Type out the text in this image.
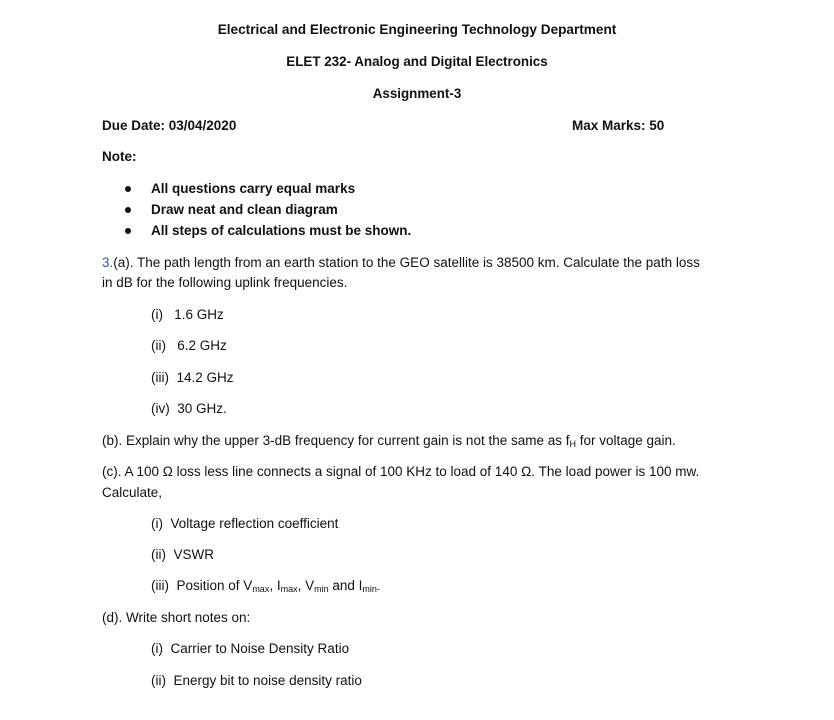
Electrical and Electronic Engineering Technology Department
ELET 232- Analog and Digital Electronics
Assignment-3
Due Date: 03/04/2020	Max Marks: 50
Note:
All questions carry equal marks
Draw neat and clean diagram
All steps of calculations must be shown.
3.(a). The path length from an earth station to the GEO satellite is 38500 km. Calculate the path loss
in dB for the following uplink frequencies.
(i) 1.6 GHz
(ii) 6.2 GHz
(iii) 14.2 GHz
(iv) 30 GHz.
(b). Explain why the upper 3-dB frequency for current gain is not the same as $f_H$ for voltage gain.
(c). A 100 Ω loss less line connects a signal of 100 KHz to load of 140 Ω. The load power is 100 mw.
Calculate,
(i) Voltage reflection coefficient
(ii) VSWR
(iii) Position of $V_{max}$, $I_{max}$, $V_{min}$ and $I_{min-}$
(d). Write short notes on:
(i) Carrier to Noise Density Ratio
(ii) Energy bit to noise density ratio
